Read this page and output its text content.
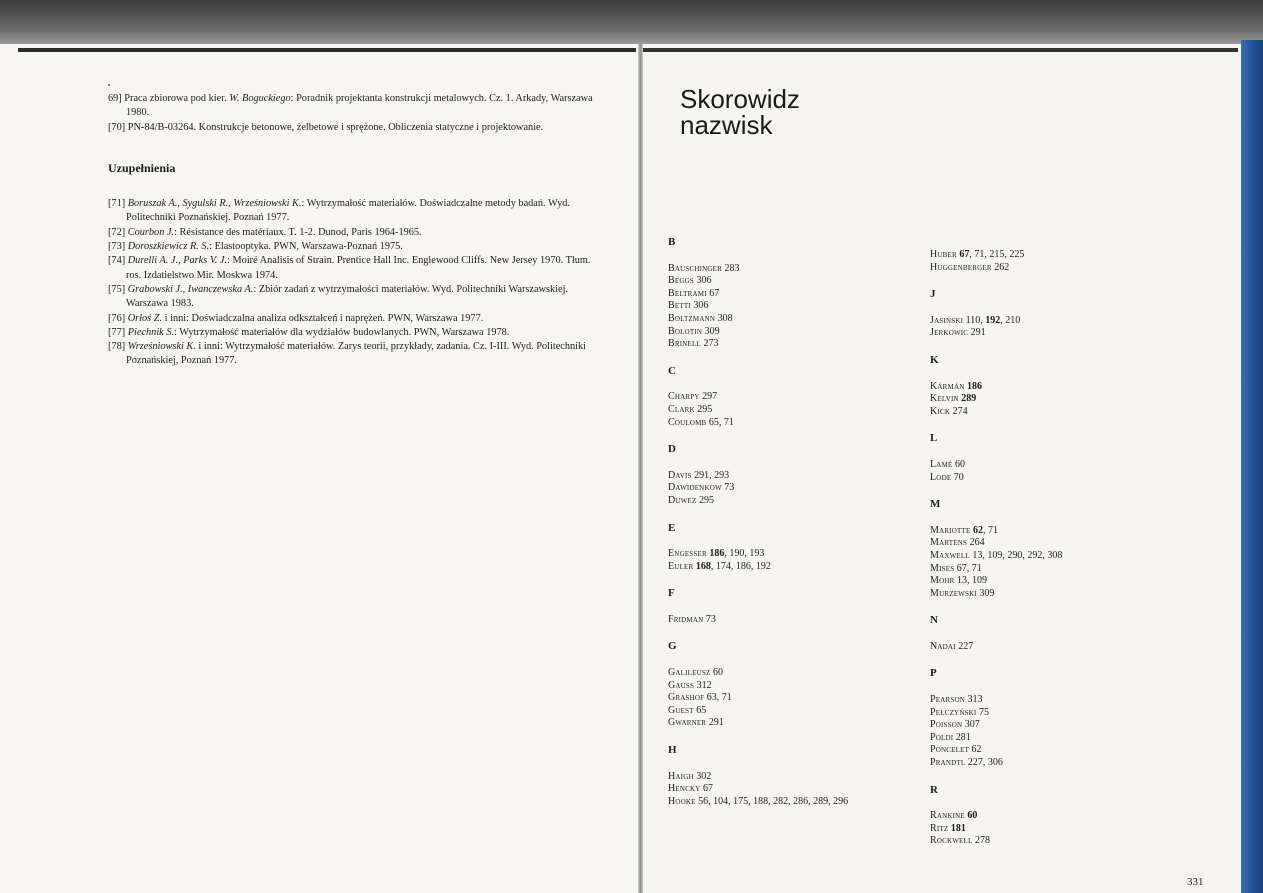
69] Praca zbiorowa pod kier. W. Boguckiego: Poradnik projektanta konstrukcji metalowych. Cz. 1. Arkady, Warszawa 1980.

[70] PN-84/B-03264. Konstrukcje betonowe, żelbetowe i sprężone. Obliczenia statyczne i projektowanie.

Uzupełnienia

[71] Boruszak A., Sygulski R., Wrześniowski K.: Wytrzymałość materiałów. Doświadczalne metody badań. Wyd. Politechniki Poznańskiej. Poznań 1977.

[72] Courbon J.: Résistance des matériaux. T. 1-2. Dunod, Paris 1964-1965.

[73] Doroszkiewicz R. S.: Elastooptyka. PWN, Warszawa-Poznań 1975.

[74] Durelli A. J., Parks V. J.: Moiré Analisis of Strain. Prentice Hall Inc. Englewood Cliffs. New Jersey 1970. Tłum. ros. Izdatielstwo Mir. Moskwa 1974.

[75] Grabowski J., Iwanczewska A.: Zbiór zadań z wytrzymałości materiałów. Wyd. Politechniki Warszawskiej. Warszawa 1983.

[76] Orłoś Z. i inni: Doświadczalna analiza odkształceń i naprężeń. PWN, Warszawa 1977.

[77] Piechnik S.: Wytrzymałość materiałów dla wydziałów budowlanych. PWN, Warszawa 1978.

[78] Wrześniowski K. i inni: Wytrzymałość materiałów. Zarys teorii, przykłady, zadania. Cz. I-III. Wyd. Politechniki Poznańskiej, Poznań 1977.

Skorowidz
nazwisk
B
Bauschinger 283
Beggs 306
Beltrami 67
Betti 306
Boltzmann 308
Bolotin 309
Brinell 273
C
Charpy 297
Clark 295
Coulomb 65, 71
D
Davis 291, 293
Dawidenkow 73
Duwez 295
E
Engesser 186, 190, 193
Euler 168, 174, 186, 192
F
Fridman 73
G
Galileusz 60
Gauss 312
Grashof 63, 71
Guest 65
Gwarner 291
H
Haigh 302
Hencky 67
Hooke 56, 104, 175, 188, 282, 286, 289, 296
Huber 67, 71, 215, 225
Huggenberger 262
J
Jasiński 110, 192, 210
Jerkowic 291
K
Kármán 186
Kelvin 289
Kick 274
L
Lamé 60
Lode 70
M
Mariotte 62, 71
Martens 264
Maxwell 13, 109, 290, 292, 308
Mises 67, 71
Mohr 13, 109
Murzewski 309
N
Nadai 227
P
Pearson 313
Pełczyński 75
Poisson 307
Poldi 281
Poncelet 62
Prandtl 227, 306
R
Rankine 60
Ritz 181
Rockwell 278
331
